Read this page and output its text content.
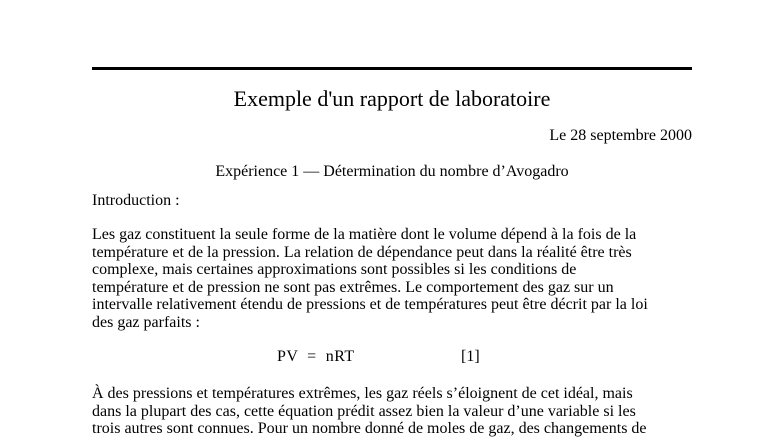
Exemple d'un rapport de laboratoire
Le 28 septembre 2000
Expérience 1 — Détermination du nombre d’Avogadro
Introduction :
Les gaz constituent la seule forme de la matière dont le volume dépend à la fois de la
température et de la pression. La relation de dépendance peut dans la réalité être très
complexe, mais certaines approximations sont possibles si les conditions de
température et de pression ne sont pas extrêmes. Le comportement des gaz sur un
intervalle relativement étendu de pressions et de températures peut être décrit par la loi
des gaz parfaits :
PV  =  nRT	[1]
À des pressions et températures extrêmes, les gaz réels s’éloignent de cet idéal, mais
dans la plupart des cas, cette équation prédit assez bien la valeur d’une variable si les
trois autres sont connues. Pour un nombre donné de moles de gaz, des changements de
